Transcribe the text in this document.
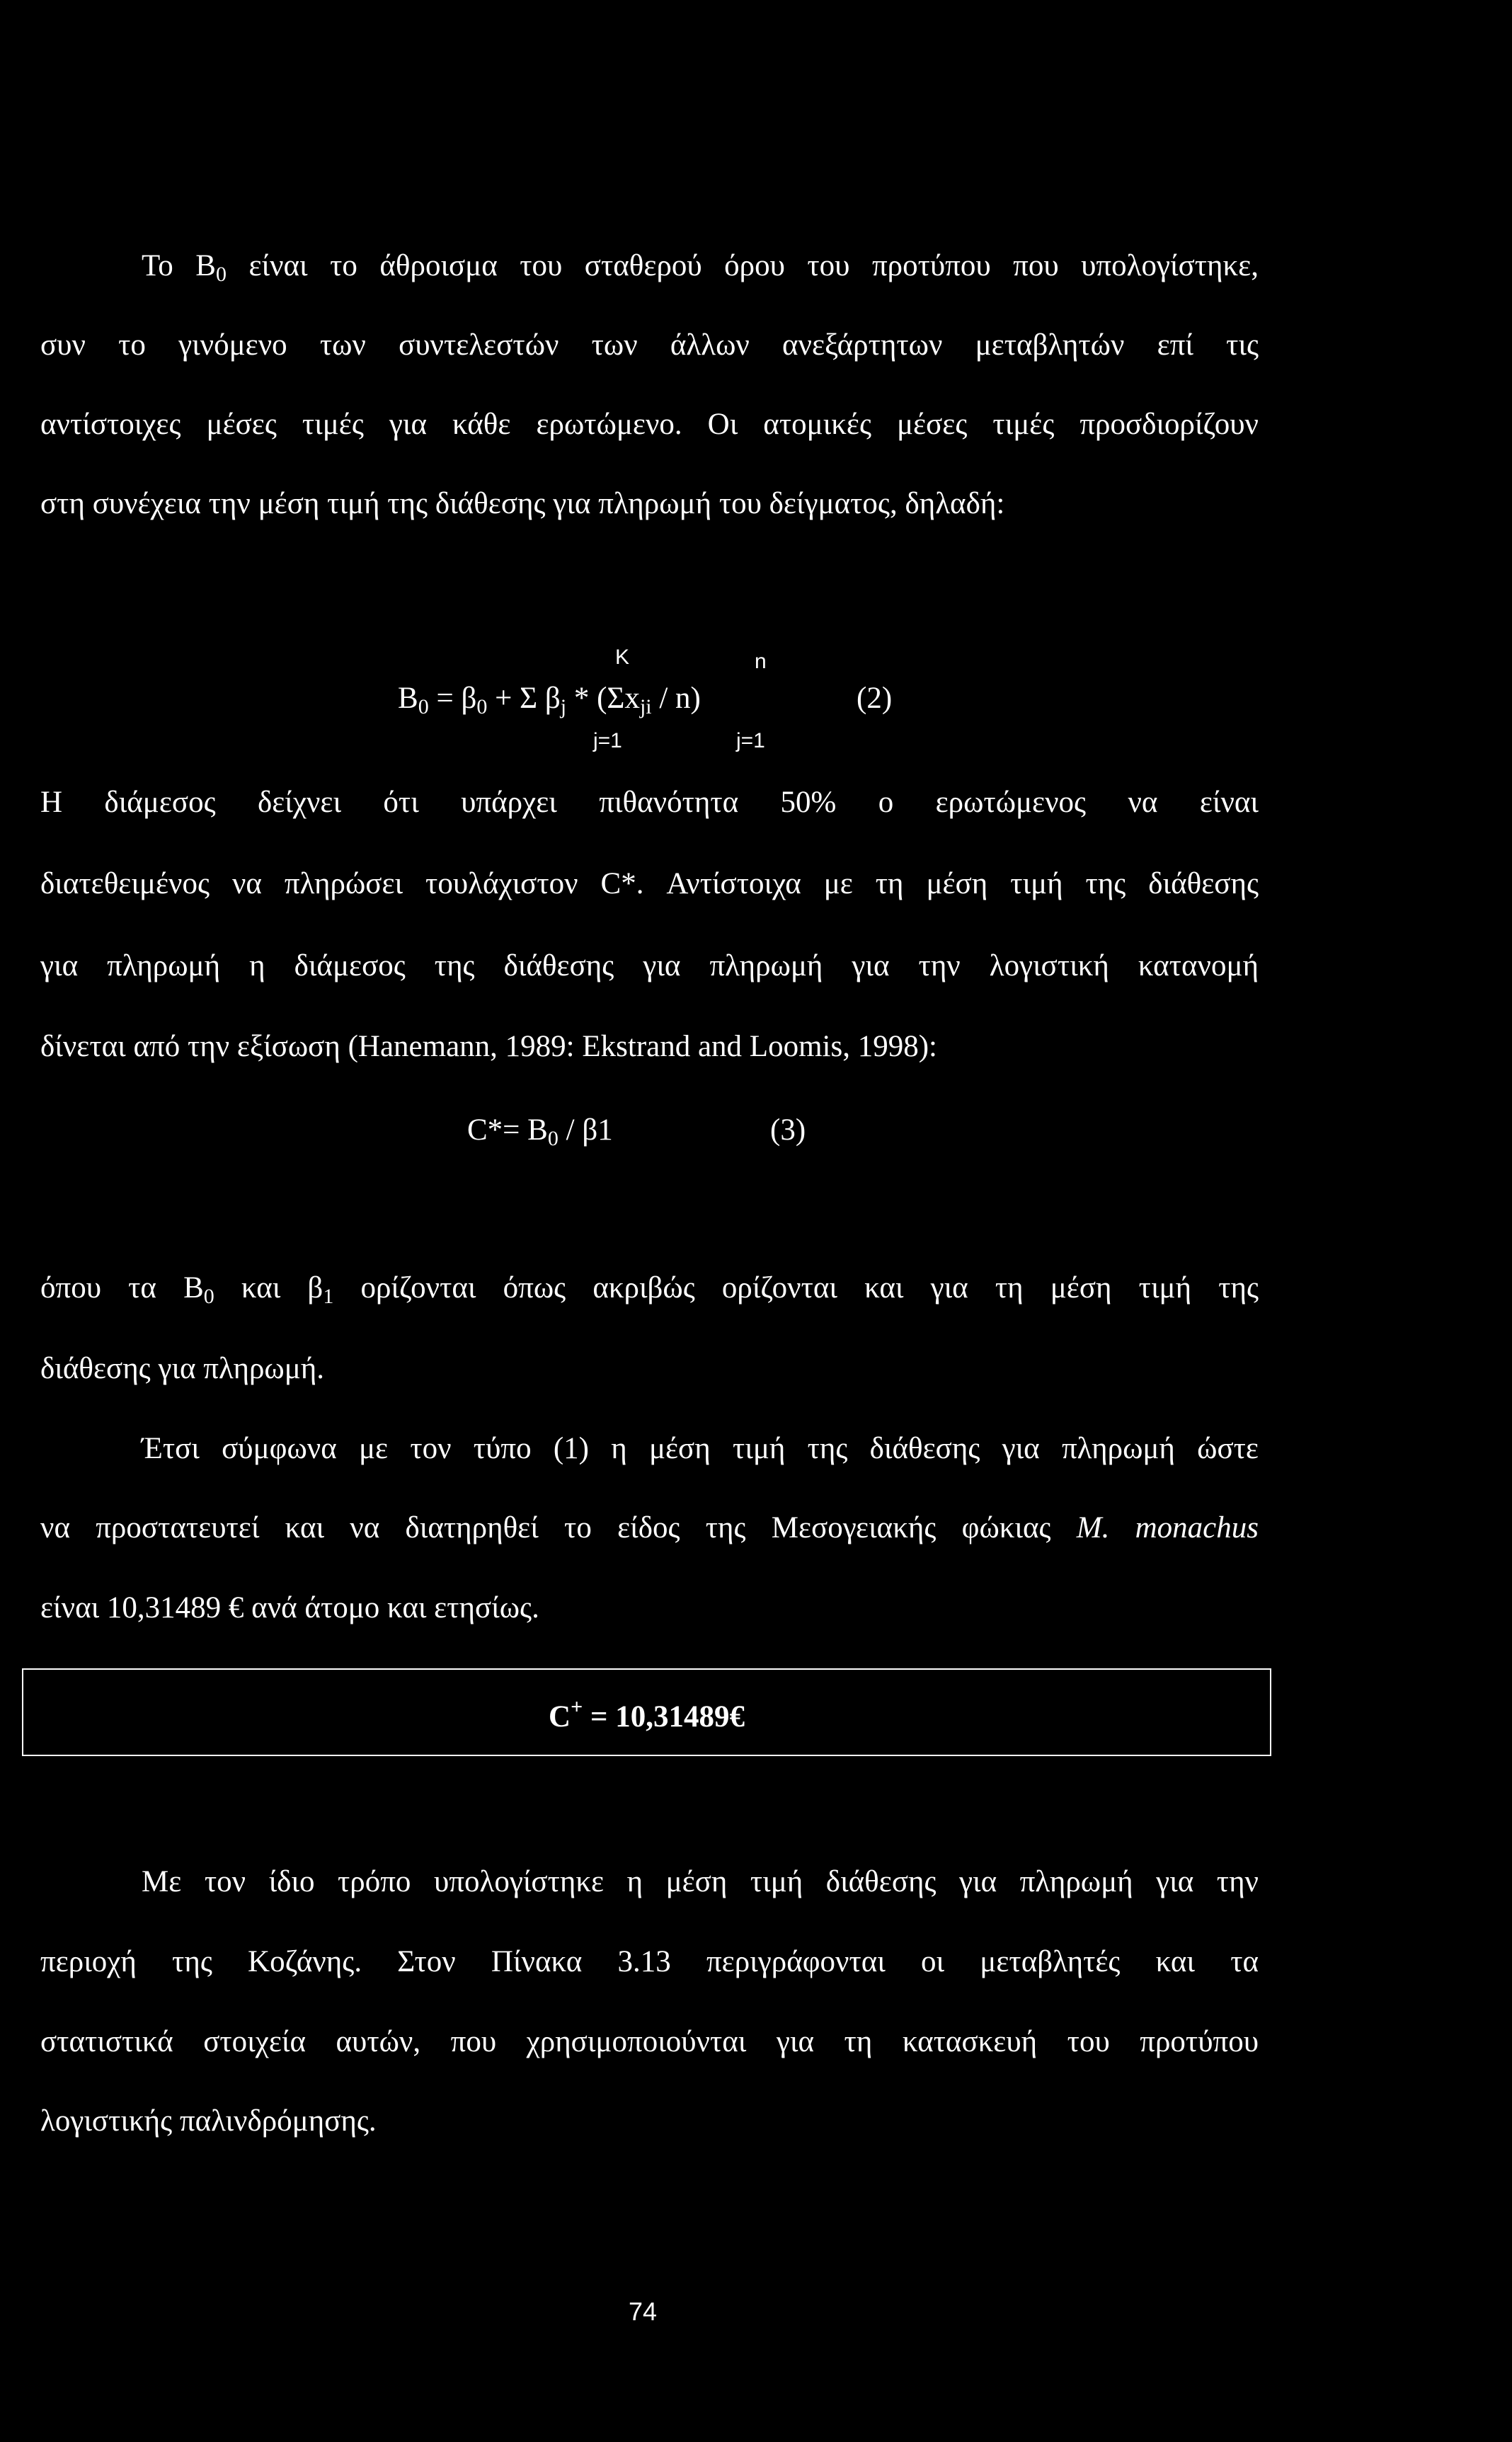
Το $B_0$ είναι το άθροισμα του σταθερού όρου του προτύπου που υπολογίστηκε,
συν το γινόμενο των συντελεστών των άλλων ανεξάρτητων μεταβλητών επί τις
αντίστοιχες μέσες τιμές για κάθε ερωτώμενο. Οι ατομικές μέσες τιμές προσδιορίζουν
στη συνέχεια την μέση τιμή της διάθεσης για πληρωμή του δείγματος, δηλαδή:
K	n
$B_0 = \beta_0 + \Sigma$ $\beta_j * (\Sigma x_{ji} / n)$	(2)
j=1	j=1
Η διάμεσος δείχνει ότι υπάρχει πιθανότητα 50% ο ερωτώμενος να είναι
διατεθειμένος να πληρώσει τουλάχιστον C*. Αντίστοιχα με τη μέση τιμή της διάθεσης
για πληρωμή η διάμεσος της διάθεσης για πληρωμή για την λογιστική κατανομή
δίνεται από την εξίσωση (Hanemann, 1989: Ekstrand and Loomis, 1998):
$C*= B_0 / \beta 1$	(3)
όπου τα $B_0$ και $\beta_1$ ορίζονται όπως ακριβώς ορίζονται και για τη μέση τιμή της
διάθεσης για πληρωμή.
Έτσι σύμφωνα με τον τύπο (1) η μέση τιμή της διάθεσης για πληρωμή ώστε
να προστατευτεί και να διατηρηθεί το είδος της Μεσογειακής φώκιας M. monachus
είναι 10,31489 € ανά άτομο και ετησίως.
C+ = 10,31489€
Με τον ίδιο τρόπο υπολογίστηκε η μέση τιμή διάθεσης για πληρωμή για την
περιοχή της Κοζάνης. Στον Πίνακα 3.13 περιγράφονται οι μεταβλητές και τα
στατιστικά στοιχεία αυτών, που χρησιμοποιούνται για τη κατασκευή του προτύπου
λογιστικής παλινδρόμησης.
74
